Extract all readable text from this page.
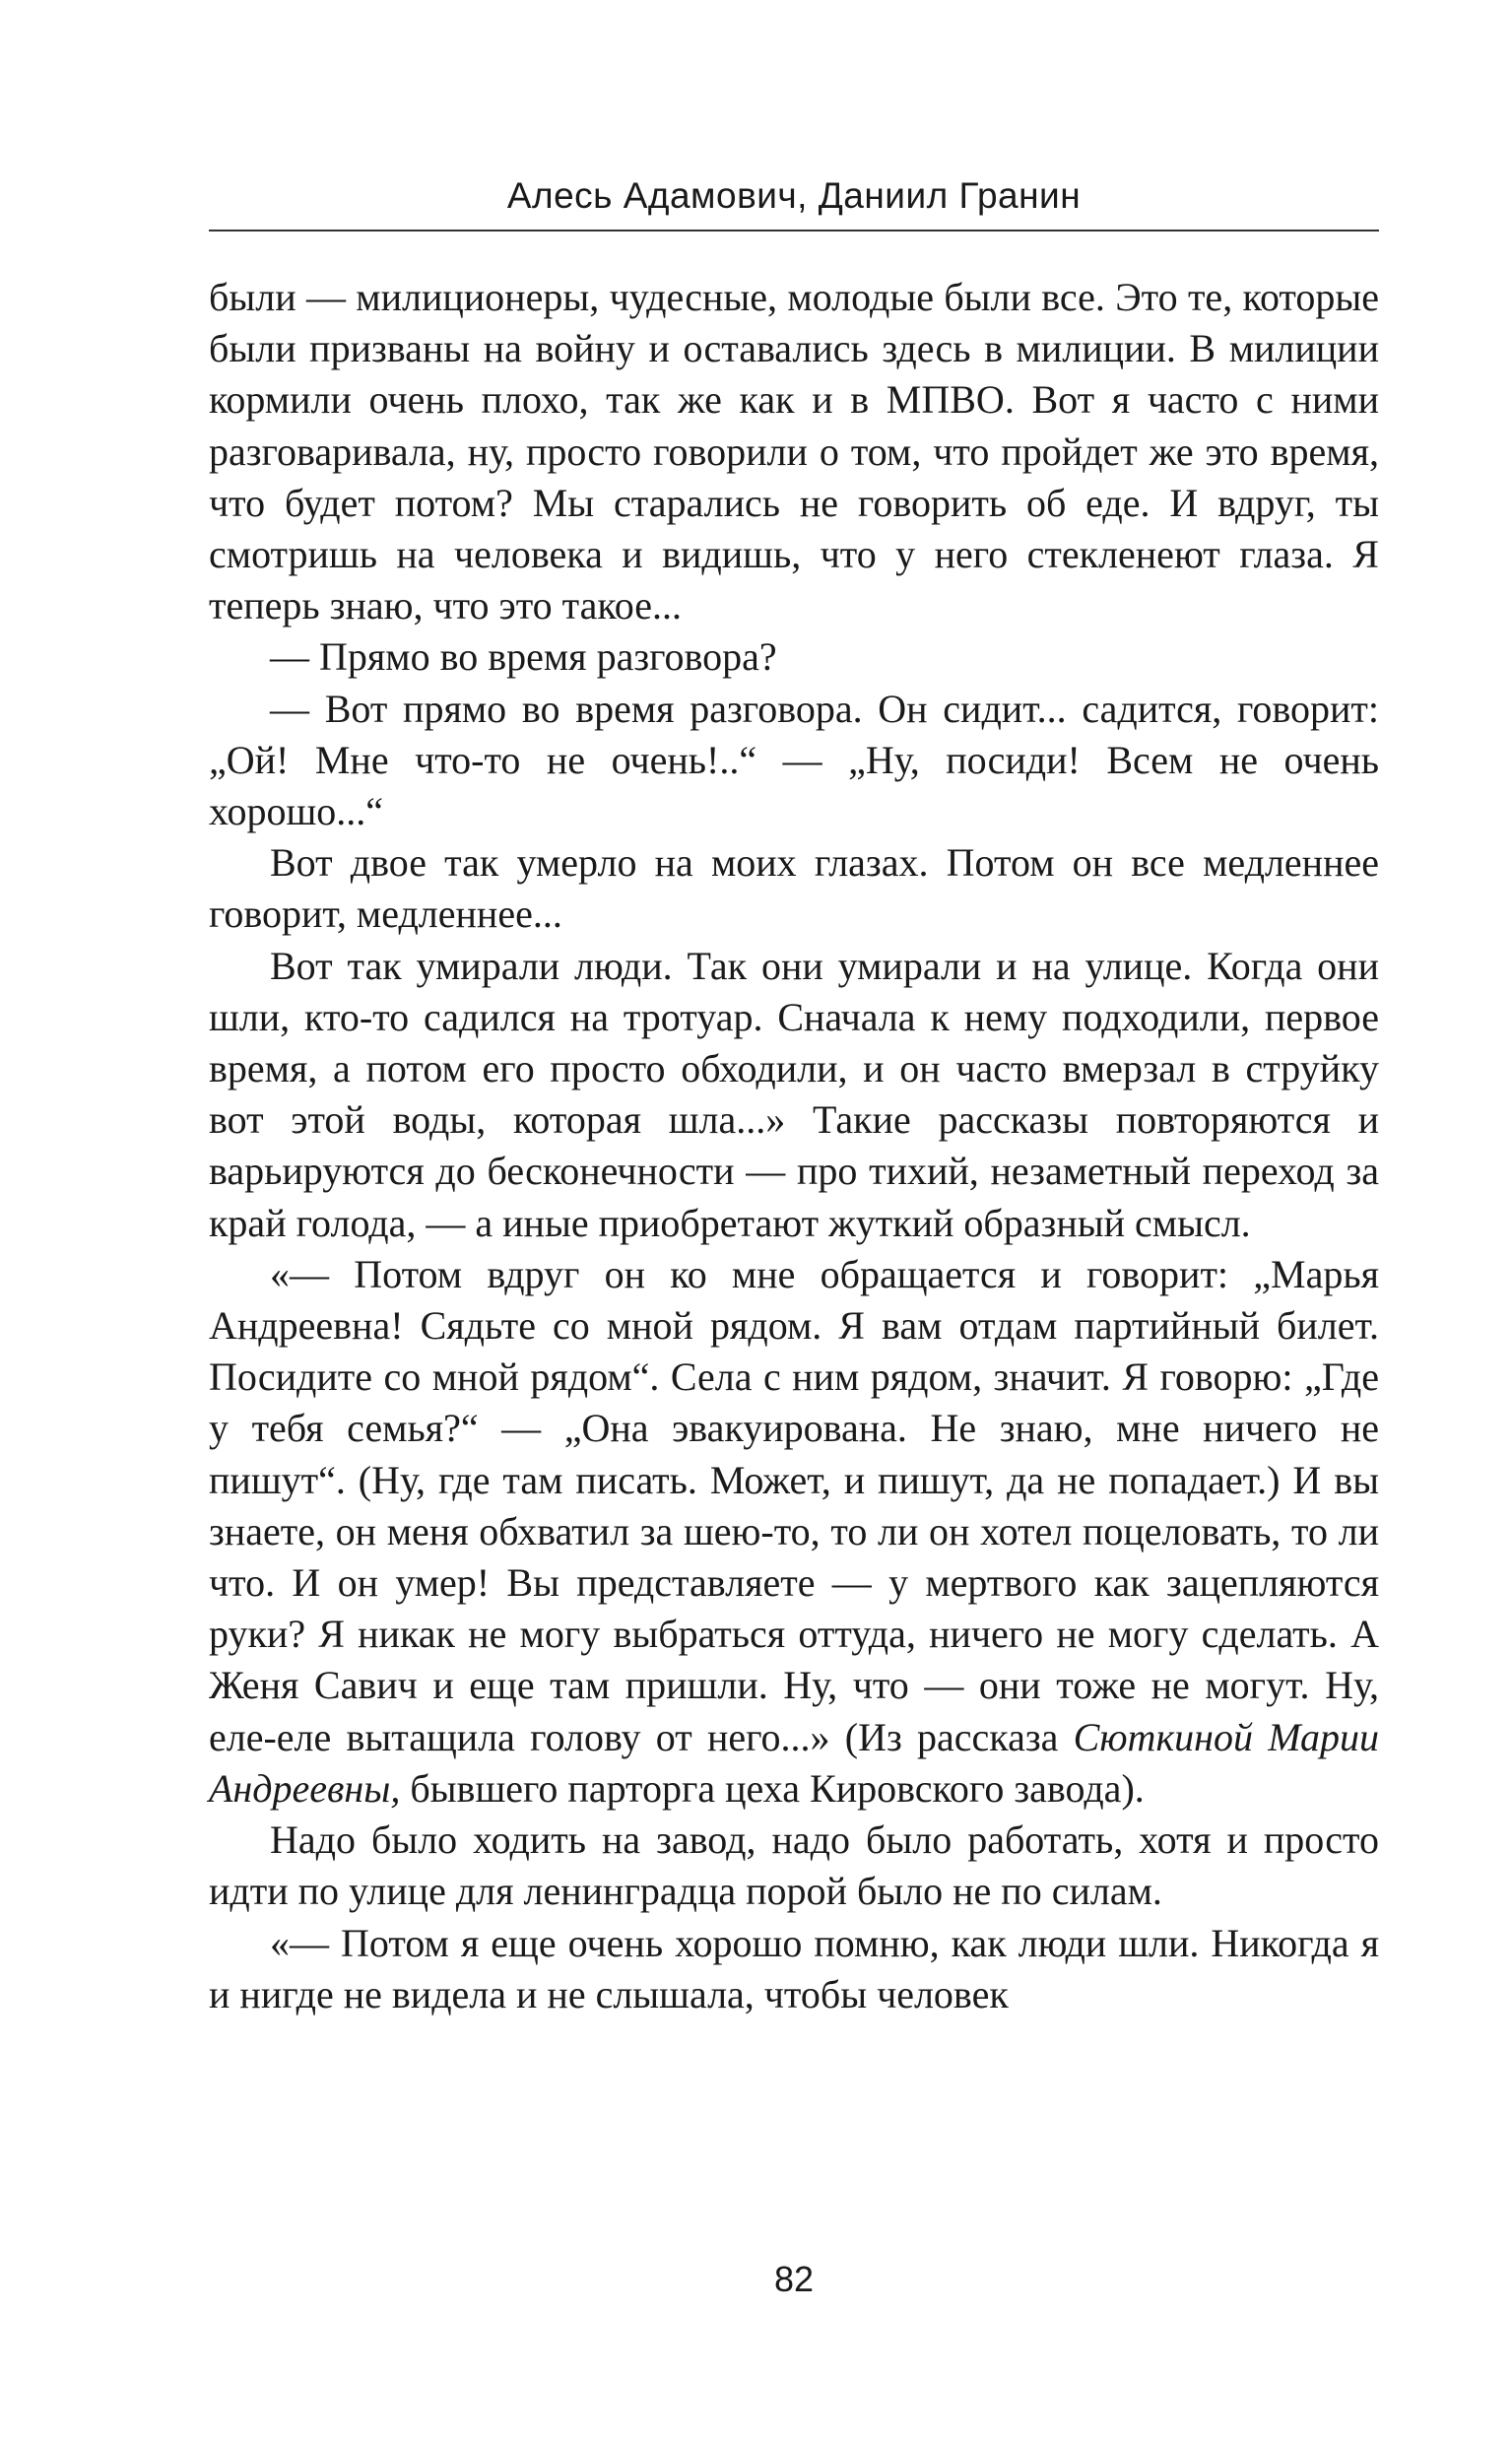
Алесь Адамович, Даниил Гранин

были — милиционеры, чудесные, молодые были все. Это те, которые были призваны на войну и оставались здесь в милиции. В милиции кормили очень плохо, так же как и в МПВО. Вот я часто с ними разговаривала, ну, просто говорили о том, что пройдет же это время, что будет потом? Мы старались не говорить об еде. И вдруг, ты смотришь на человека и видишь, что у него стекленеют глаза. Я теперь знаю, что это такое...

— Прямо во время разговора?

— Вот прямо во время разговора. Он сидит... садится, говорит: „Ой! Мне что-то не очень!..“ — „Ну, посиди! Всем не очень хорошо...“

Вот двое так умерло на моих глазах. Потом он все медленнее говорит, медленнее...

Вот так умирали люди. Так они умирали и на улице. Когда они шли, кто-то садился на тротуар. Сначала к нему подходили, первое время, а потом его просто обходили, и он часто вмерзал в струйку вот этой воды, которая шла...» Такие рассказы повторяются и варьируются до бесконечности — про тихий, незаметный переход за край голода, — а иные приобретают жуткий образный смысл.

«— Потом вдруг он ко мне обращается и говорит: „Марья Андреевна! Сядьте со мной рядом. Я вам отдам партийный билет. Посидите со мной рядом“. Села с ним рядом, значит. Я говорю: „Где у тебя семья?“ — „Она эвакуирована. Не знаю, мне ничего не пишут“. (Ну, где там писать. Может, и пишут, да не попадает.) И вы знаете, он меня обхватил за шею-то, то ли он хотел поцеловать, то ли что. И он умер! Вы представляете — у мертвого как зацепляются руки? Я никак не могу выбраться оттуда, ничего не могу сделать. А Женя Савич и еще там пришли. Ну, что — они тоже не могут. Ну, еле-еле вытащила голову от него...» (Из рассказа Сюткиной Марии Андреевны, бывшего парторга цеха Кировского завода).

Надо было ходить на завод, надо было работать, хотя и просто идти по улице для ленинградца порой было не по силам.

«— Потом я еще очень хорошо помню, как люди шли. Никогда я и нигде не видела и не слышала, чтобы человек

82
